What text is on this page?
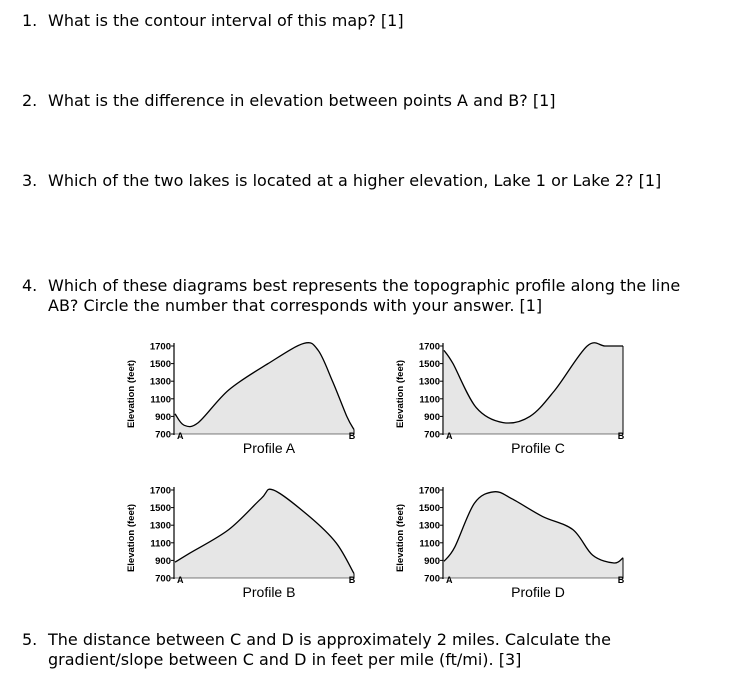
1. What is the contour interval of this map? [1]
2. What is the difference in elevation between points A and B? [1]
3. Which of the two lakes is located at a higher elevation, Lake 1 or Lake 2? [1]
4. Which of these diagrams best represents the topographic profile along the line
AB? Circle the number that corresponds with your answer. [1]
5. The distance between C and D is approximately 2 miles. Calculate the
gradient/slope between C and D in feet per mile (ft/mi). [3]
Elevation (feet)
1700
1500
1300
1100
900
700 A	B
Profile A
Elevation (feet)
1700
1500
1300
1100
900
700 A	B
Profile C
Elevation (feet)
1700
1500
1300
1100
900
700 A	B
Profile B
Elevation (feet)
1700
1500
1300
1100
900
700 A	B
Profile D
